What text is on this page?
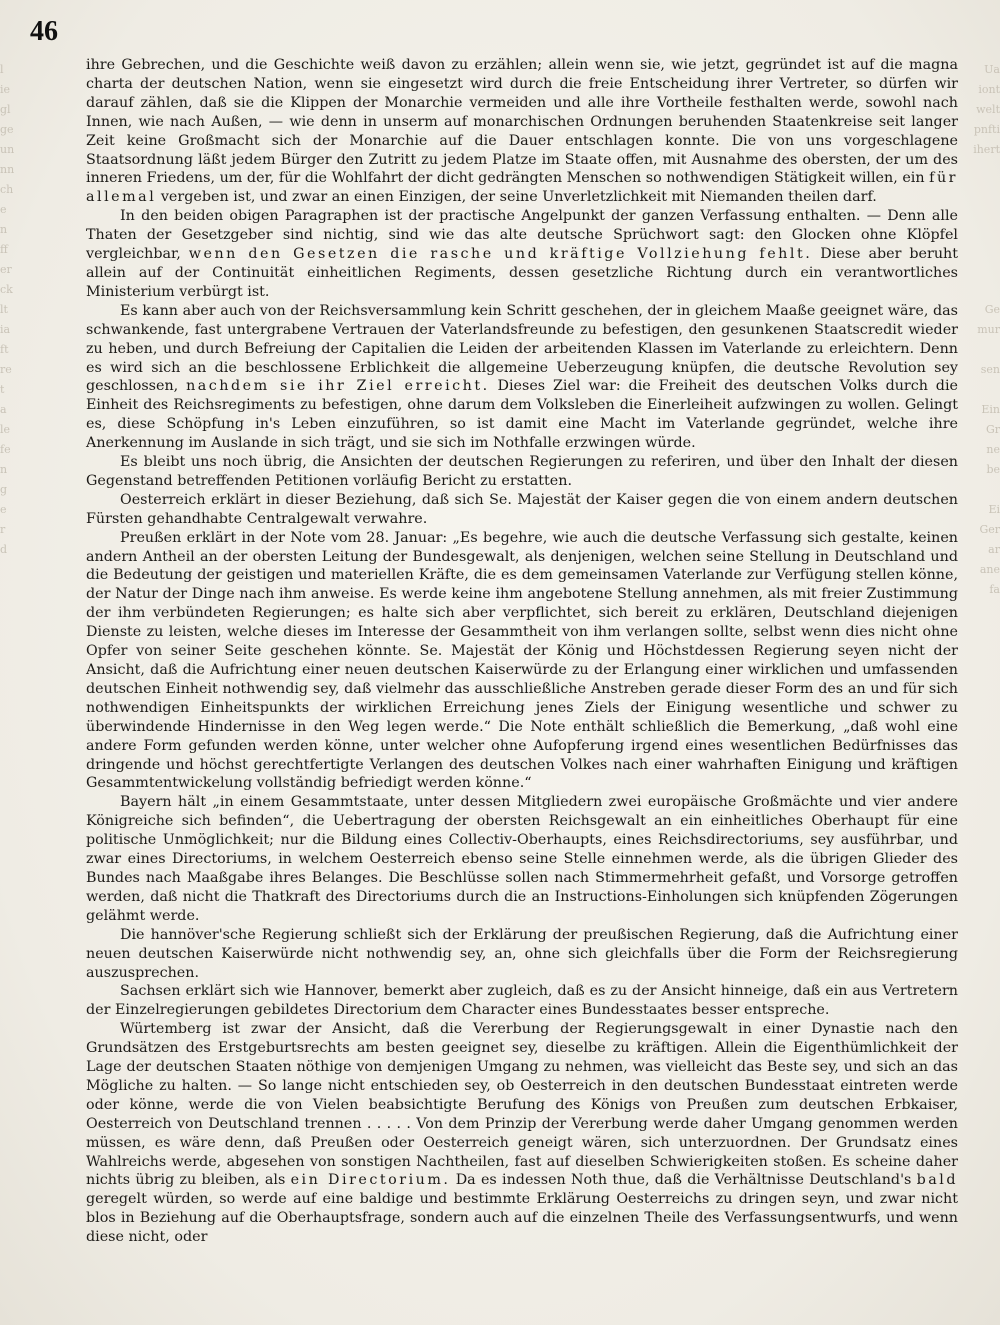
l
ie
gl
ge
un
nn
ch
e
n
ff
er
ck
lt
ia
ft
re
t
a
le
fe
n
g
e
r
d
Ua
iont
welt
pnfti
ihert

Ge
mur

sen

Ein
Gr
ne
be

Ei
Ger
ar
ane
fa
46

ihre Gebrechen, und die Geschichte weiß davon zu erzählen; allein wenn sie, wie jetzt, gegründet ist auf die magna charta der deutschen Nation, wenn sie eingesetzt wird durch die freie Entscheidung ihrer Vertreter, so dürfen wir darauf zählen, daß sie die Klippen der Monarchie vermeiden und alle ihre Vortheile festhalten werde, sowohl nach Innen, wie nach Außen, — wie denn in unserm auf monarchischen Ordnungen beruhenden Staatenkreise seit langer Zeit keine Großmacht sich der Monarchie auf die Dauer entschlagen konnte. Die von uns vorgeschlagene Staatsordnung läßt jedem Bürger den Zutritt zu jedem Platze im Staate offen, mit Ausnahme des obersten, der um des inneren Friedens, um der, für die Wohlfahrt der dicht gedrängten Menschen so nothwendigen Stätigkeit willen, ein für allemal vergeben ist, und zwar an einen Einzigen, der seine Unverletzlichkeit mit Niemanden theilen darf.

In den beiden obigen Paragraphen ist der practische Angelpunkt der ganzen Verfassung enthalten. — Denn alle Thaten der Gesetzgeber sind nichtig, sind wie das alte deutsche Sprüchwort sagt: den Glocken ohne Klöpfel vergleichbar, wenn den Gesetzen die rasche und kräftige Vollziehung fehlt. Diese aber beruht allein auf der Continuität einheitlichen Regiments, dessen gesetzliche Richtung durch ein verantwortliches Ministerium verbürgt ist.

Es kann aber auch von der Reichsversammlung kein Schritt geschehen, der in gleichem Maaße geeignet wäre, das schwankende, fast untergrabene Vertrauen der Vaterlandsfreunde zu befestigen, den gesunkenen Staatscredit wieder zu heben, und durch Befreiung der Capitalien die Leiden der arbeitenden Klassen im Vaterlande zu erleichtern. Denn es wird sich an die beschlossene Erblichkeit die allgemeine Ueberzeugung knüpfen, die deutsche Revolution sey geschlossen, nachdem sie ihr Ziel erreicht. Dieses Ziel war: die Freiheit des deutschen Volks durch die Einheit des Reichsregiments zu befestigen, ohne darum dem Volksleben die Einerleiheit aufzwingen zu wollen. Gelingt es, diese Schöpfung in's Leben einzuführen, so ist damit eine Macht im Vaterlande gegründet, welche ihre Anerkennung im Auslande in sich trägt, und sie sich im Nothfalle erzwingen würde.

Es bleibt uns noch übrig, die Ansichten der deutschen Regierungen zu referiren, und über den Inhalt der diesen Gegenstand betreffenden Petitionen vorläufig Bericht zu erstatten.

Oesterreich erklärt in dieser Beziehung, daß sich Se. Majestät der Kaiser gegen die von einem andern deutschen Fürsten gehandhabte Centralgewalt verwahre.

Preußen erklärt in der Note vom 28. Januar: „Es begehre, wie auch die deutsche Verfassung sich gestalte, keinen andern Antheil an der obersten Leitung der Bundesgewalt, als denjenigen, welchen seine Stellung in Deutschland und die Bedeutung der geistigen und materiellen Kräfte, die es dem gemeinsamen Vaterlande zur Verfügung stellen könne, der Natur der Dinge nach ihm anweise. Es werde keine ihm angebotene Stellung annehmen, als mit freier Zustimmung der ihm verbündeten Regierungen; es halte sich aber verpflichtet, sich bereit zu erklären, Deutschland diejenigen Dienste zu leisten, welche dieses im Interesse der Gesammtheit von ihm verlangen sollte, selbst wenn dies nicht ohne Opfer von seiner Seite geschehen könnte. Se. Majestät der König und Höchstdessen Regierung seyen nicht der Ansicht, daß die Aufrichtung einer neuen deutschen Kaiserwürde zu der Erlangung einer wirklichen und umfassenden deutschen Einheit nothwendig sey, daß vielmehr das ausschließliche Anstreben gerade dieser Form des an und für sich nothwendigen Einheitspunkts der wirklichen Erreichung jenes Ziels der Einigung wesentliche und schwer zu überwindende Hindernisse in den Weg legen werde.“ Die Note enthält schließlich die Bemerkung, „daß wohl eine andere Form gefunden werden könne, unter welcher ohne Aufopferung irgend eines wesentlichen Bedürfnisses das dringende und höchst gerechtfertigte Verlangen des deutschen Volkes nach einer wahrhaften Einigung und kräftigen Gesammtentwickelung vollständig befriedigt werden könne.“

Bayern hält „in einem Gesammtstaate, unter dessen Mitgliedern zwei europäische Großmächte und vier andere Königreiche sich befinden“, die Uebertragung der obersten Reichsgewalt an ein einheitliches Oberhaupt für eine politische Unmöglichkeit; nur die Bildung eines Collectiv-Oberhaupts, eines Reichsdirectoriums, sey ausführbar, und zwar eines Directoriums, in welchem Oesterreich ebenso seine Stelle einnehmen werde, als die übrigen Glieder des Bundes nach Maaßgabe ihres Belanges. Die Beschlüsse sollen nach Stimmermehrheit gefaßt, und Vorsorge getroffen werden, daß nicht die Thatkraft des Directoriums durch die an Instructions-Einholungen sich knüpfenden Zögerungen gelähmt werde.

Die hannöver'sche Regierung schließt sich der Erklärung der preußischen Regierung, daß die Aufrichtung einer neuen deutschen Kaiserwürde nicht nothwendig sey, an, ohne sich gleichfalls über die Form der Reichsregierung auszusprechen.

Sachsen erklärt sich wie Hannover, bemerkt aber zugleich, daß es zu der Ansicht hinneige, daß ein aus Vertretern der Einzelregierungen gebildetes Directorium dem Character eines Bundesstaates besser entspreche.

Würtemberg ist zwar der Ansicht, daß die Vererbung der Regierungsgewalt in einer Dynastie nach den Grundsätzen des Erstgeburtsrechts am besten geeignet sey, dieselbe zu kräftigen. Allein die Eigenthümlichkeit der Lage der deutschen Staaten nöthige von demjenigen Umgang zu nehmen, was vielleicht das Beste sey, und sich an das Mögliche zu halten. — So lange nicht entschieden sey, ob Oesterreich in den deutschen Bundesstaat eintreten werde oder könne, werde die von Vielen beabsichtigte Berufung des Königs von Preußen zum deutschen Erbkaiser, Oesterreich von Deutschland trennen . . . . . Von dem Prinzip der Vererbung werde daher Umgang genommen werden müssen, es wäre denn, daß Preußen oder Oesterreich geneigt wären, sich unterzuordnen. Der Grundsatz eines Wahlreichs werde, abgesehen von sonstigen Nachtheilen, fast auf dieselben Schwierigkeiten stoßen. Es scheine daher nichts übrig zu bleiben, als ein Directorium. Da es indessen Noth thue, daß die Verhältnisse Deutschland's bald geregelt würden, so werde auf eine baldige und bestimmte Erklärung Oesterreichs zu dringen seyn, und zwar nicht blos in Beziehung auf die Oberhauptsfrage, sondern auch auf die einzelnen Theile des Verfassungsentwurfs, und wenn diese nicht, oder
